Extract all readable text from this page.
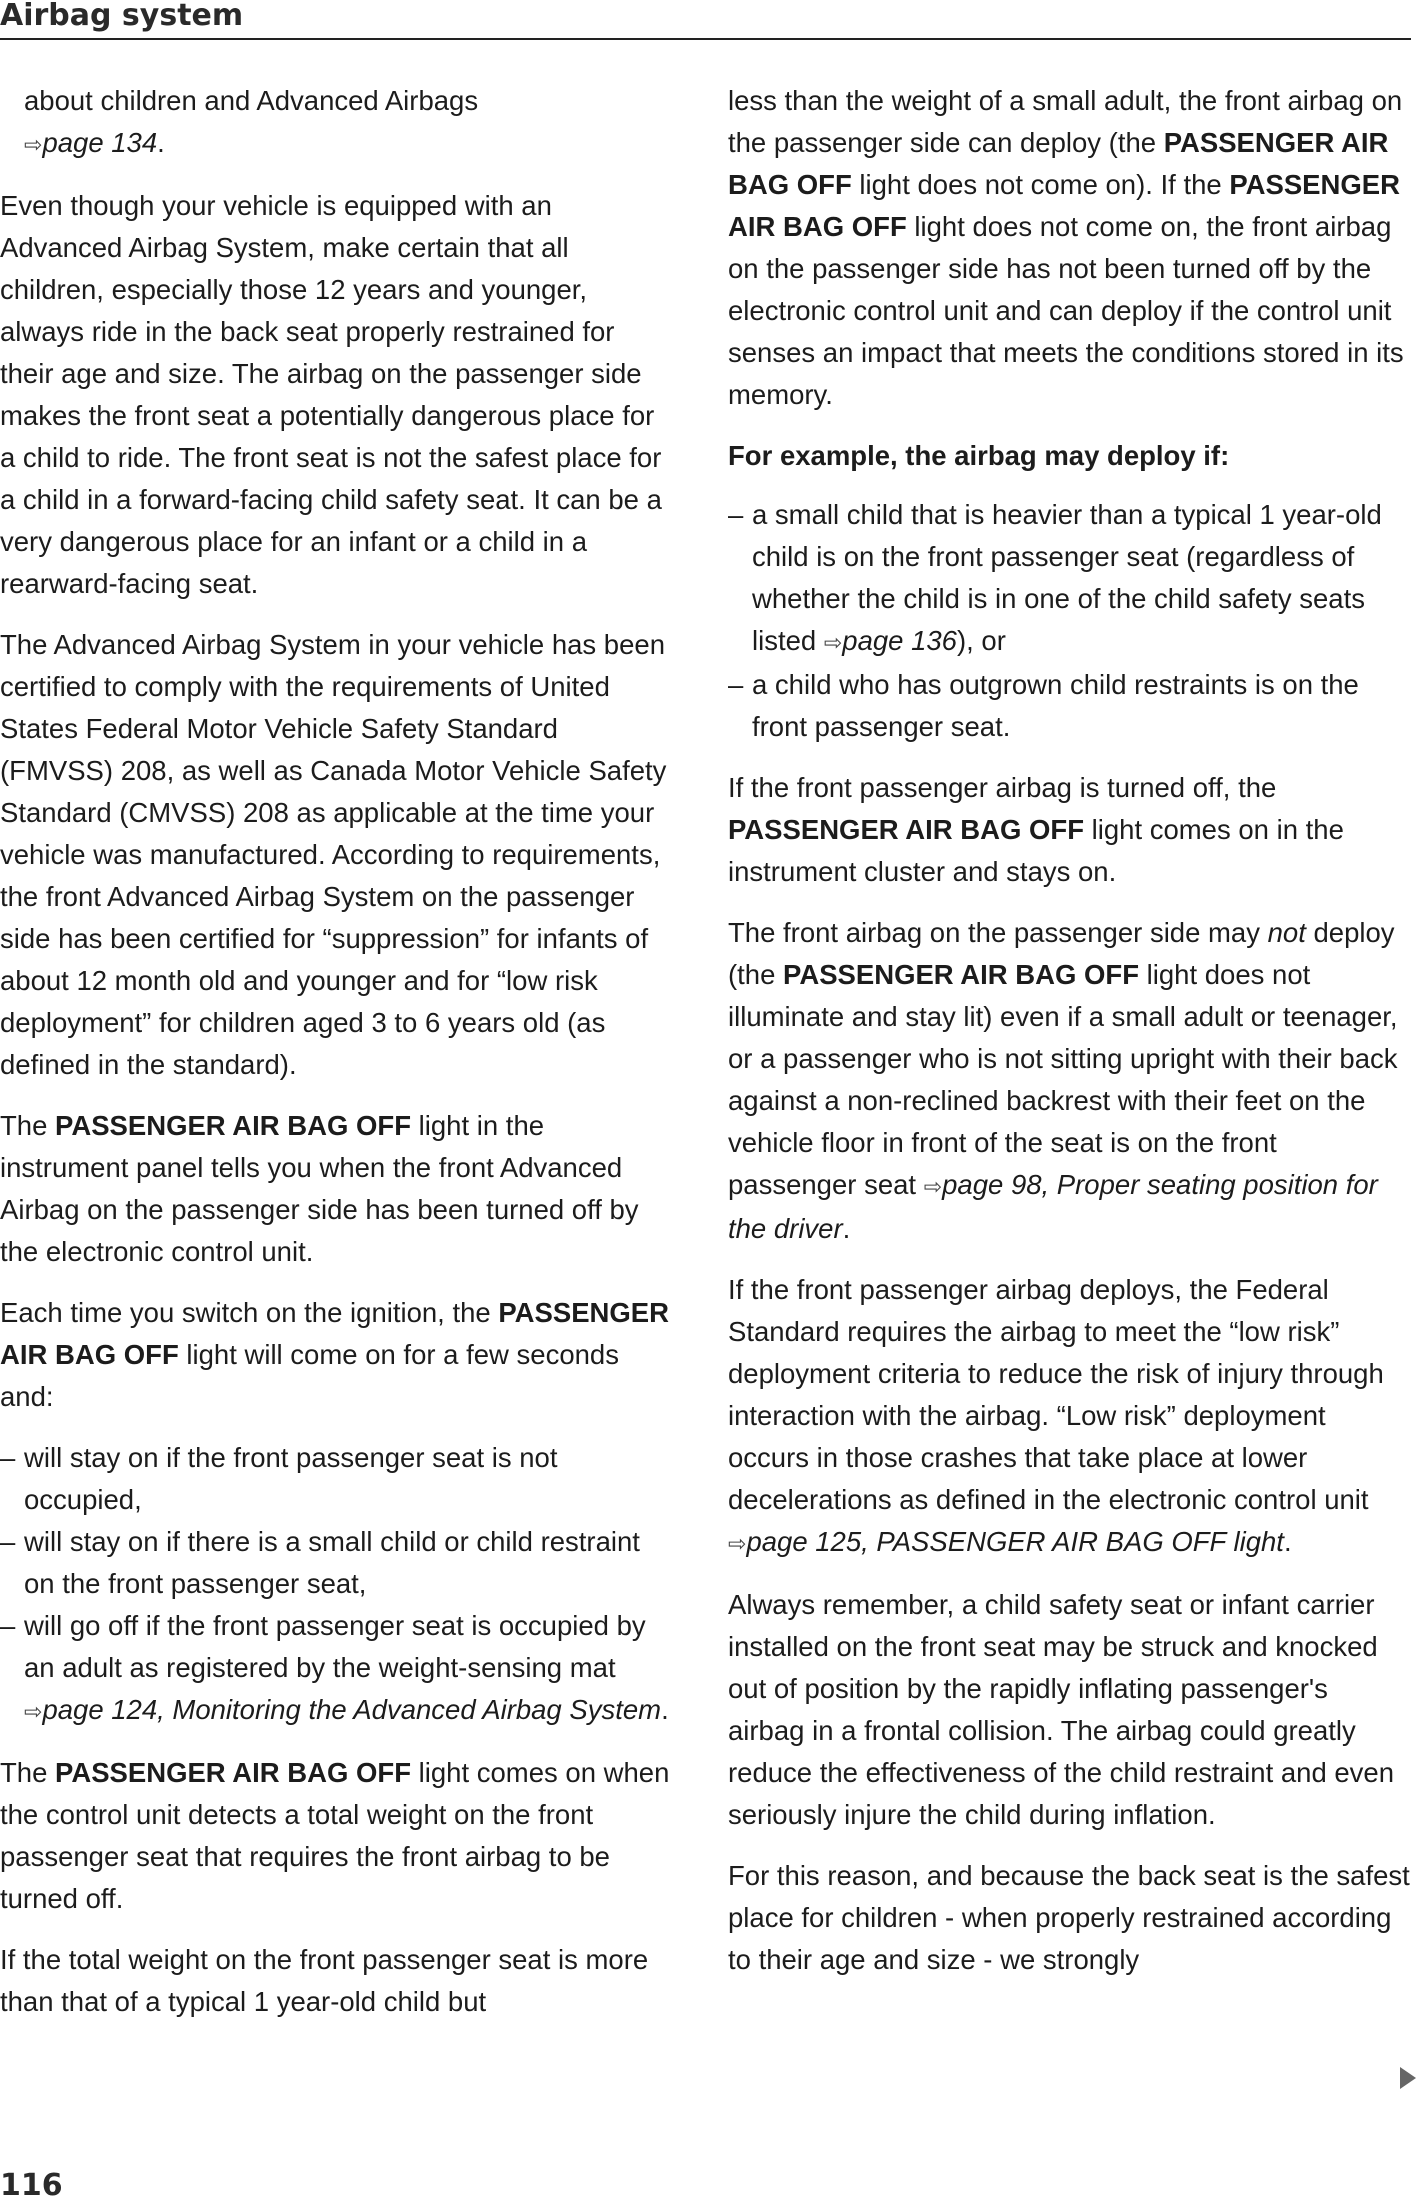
Airbag system

about children and Advanced Airbags
⇨page 134.

Even though your vehicle is equipped with an Advanced Airbag System, make certain that all children, especially those 12 years and younger, always ride in the back seat properly restrained for their age and size. The airbag on the passenger side makes the front seat a potentially dangerous place for a child to ride. The front seat is not the safest place for a child in a forward-facing child safety seat. It can be a very dangerous place for an infant or a child in a rearward-facing seat.

The Advanced Airbag System in your vehicle has been certified to comply with the requirements of United States Federal Motor Vehicle Safety Standard (FMVSS) 208, as well as Canada Motor Vehicle Safety Standard (CMVSS) 208 as applicable at the time your vehicle was manufactured. According to requirements, the front Advanced Airbag System on the passenger side has been certified for “suppression” for infants of about 12 month old and younger and for “low risk deployment” for children aged 3 to 6 years old (as defined in the standard).

The PASSENGER AIR BAG OFF light in the instrument panel tells you when the front Advanced Airbag on the passenger side has been turned off by the electronic control unit.

Each time you switch on the ignition, the PASSENGER AIR BAG OFF light will come on for a few seconds and:

– will stay on if the front passenger seat is not occupied,
– will stay on if there is a small child or child restraint on the front passenger seat,
– will go off if the front passenger seat is occupied by an adult as registered by the weight-sensing mat ⇨page 124, Monitoring the Advanced Airbag System.

The PASSENGER AIR BAG OFF light comes on when the control unit detects a total weight on the front passenger seat that requires the front airbag to be turned off.

If the total weight on the front passenger seat is more than that of a typical 1 year-old child but

less than the weight of a small adult, the front airbag on the passenger side can deploy (the PASSENGER AIR BAG OFF light does not come on). If the PASSENGER AIR BAG OFF light does not come on, the front airbag on the passenger side has not been turned off by the electronic control unit and can deploy if the control unit senses an impact that meets the conditions stored in its memory.

For example, the airbag may deploy if:

– a small child that is heavier than a typical 1 year-old child is on the front passenger seat (regardless of whether the child is in one of the child safety seats listed ⇨page 136), or
– a child who has outgrown child restraints is on the front passenger seat.

If the front passenger airbag is turned off, the PASSENGER AIR BAG OFF light comes on in the instrument cluster and stays on.

The front airbag on the passenger side may not deploy (the PASSENGER AIR BAG OFF light does not illuminate and stay lit) even if a small adult or teenager, or a passenger who is not sitting upright with their back against a non-reclined backrest with their feet on the vehicle floor in front of the seat is on the front passenger seat ⇨page 98, Proper seating position for the driver.

If the front passenger airbag deploys, the Federal Standard requires the airbag to meet the “low risk” deployment criteria to reduce the risk of injury through interaction with the airbag. “Low risk” deployment occurs in those crashes that take place at lower decelerations as defined in the electronic control unit ⇨page 125, PASSENGER AIR BAG OFF light.

Always remember, a child safety seat or infant carrier installed on the front seat may be struck and knocked out of position by the rapidly inflating passenger's airbag in a frontal collision. The airbag could greatly reduce the effectiveness of the child restraint and even seriously injure the child during inflation.

For this reason, and because the back seat is the safest place for children - when properly restrained according to their age and size - we strongly

116
